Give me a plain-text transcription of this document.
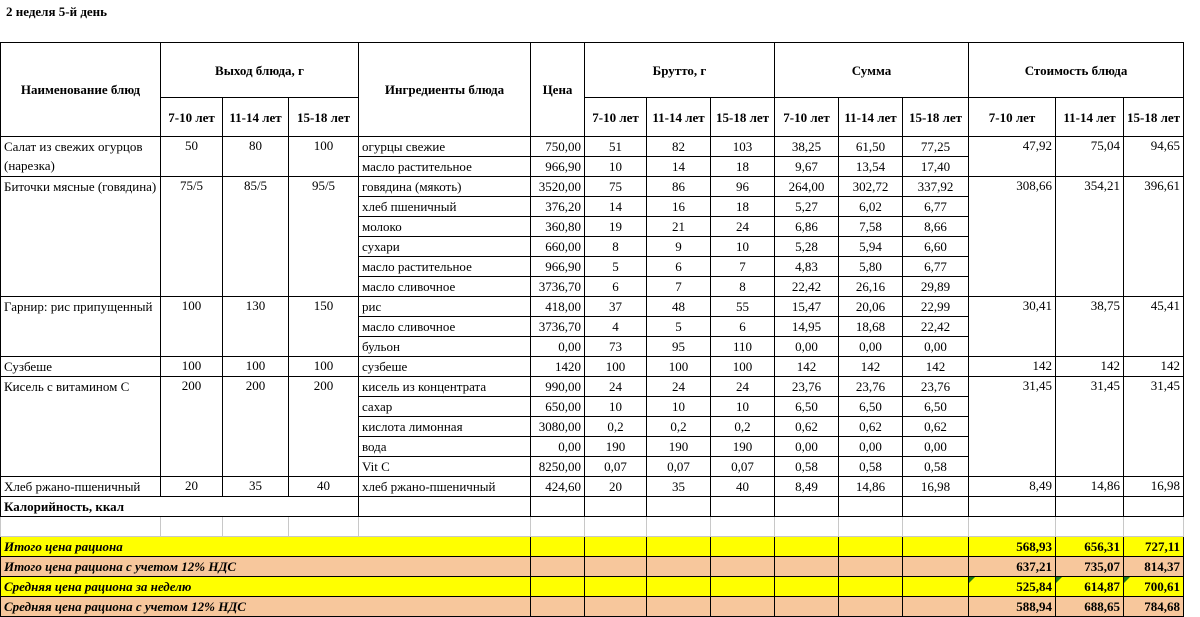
2 неделя 5-й день
Наименование блюд	Выход блюда, г			Ингредиенты блюда	Цена	Брутто, г			Сумма			Стоимость блюда		
	7-10 лет	11-14 лет	15-18 лет			7-10 лет	11-14 лет	15-18 лет	7-10 лет	11-14 лет	15-18 лет	7-10 лет	11-14 лет	15-18 лет
Салат из свежих огурцов (нарезка)	50	80	100	огурцы свежие	750,00	51	82	103	38,25	61,50	77,25	47,92	75,04	94,65
				масло растительное	966,90	10	14	18	9,67	13,54	17,40			
Биточки мясные (говядина)	75/5	85/5	95/5	говядина (мякоть)	3520,00	75	86	96	264,00	302,72	337,92	308,66	354,21	396,61
				хлеб пшеничный	376,20	14	16	18	5,27	6,02	6,77			
				молоко	360,80	19	21	24	6,86	7,58	8,66			
				сухари	660,00	8	9	10	5,28	5,94	6,60			
				масло растительное	966,90	5	6	7	4,83	5,80	6,77			
				масло сливочное	3736,70	6	7	8	22,42	26,16	29,89			
Гарнир: рис припущенный	100	130	150	рис	418,00	37	48	55	15,47	20,06	22,99	30,41	38,75	45,41
				масло сливочное	3736,70	4	5	6	14,95	18,68	22,42			
				бульон	0,00	73	95	110	0,00	0,00	0,00			
Сузбеше	100	100	100	сузбеше	1420	100	100	100	142	142	142	142	142	142
Кисель с витамином С	200	200	200	кисель из концентрата	990,00	24	24	24	23,76	23,76	23,76	31,45	31,45	31,45
				сахар	650,00	10	10	10	6,50	6,50	6,50			
				кислота лимонная	3080,00	0,2	0,2	0,2	0,62	0,62	0,62			
				вода	0,00	190	190	190	0,00	0,00	0,00			
				Vit C	8250,00	0,07	0,07	0,07	0,58	0,58	0,58			
Хлеб ржано-пшеничный	20	35	40	хлеб ржано-пшеничный	424,60	20	35	40	8,49	14,86	16,98	8,49	14,86	16,98
Калорийность, ккал														

Итого цена рациона												568,93	656,31	727,11
Итого цена рациона с учетом 12% НДС												637,21	735,07	814,37
Средняя цена рациона за неделю												525,84	614,87	700,61
Средняя цена рациона с учетом 12% НДС												588,94	688,65	784,68
